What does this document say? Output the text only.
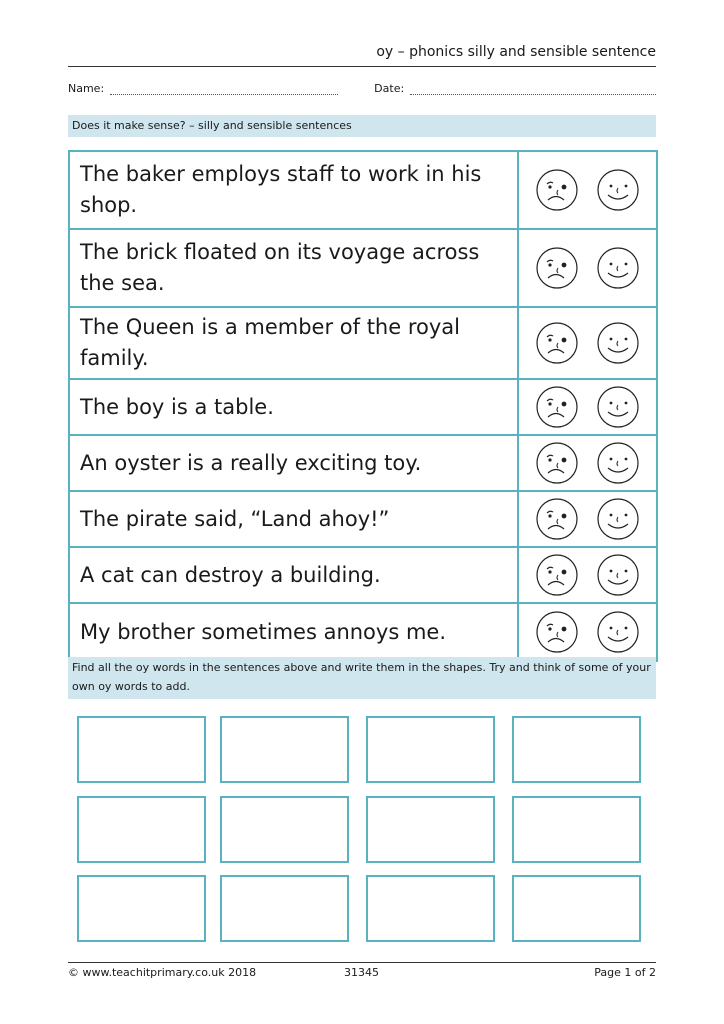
oy – phonics silly and sensible sentence
Name:	Date:
Does it make sense? – silly and sensible sentences
The baker employs staff to work in his shop.	

The brick floated on its voyage across the sea.	

The Queen is a member of the royal family.	

The boy is a table.	

An oyster is a really exciting toy.	

The pirate said, “Land ahoy!”	

A cat can destroy a building.	

My brother sometimes annoys me.	
Find all the oy words in the sentences above and write them in the shapes. Try and think of some of your own oy words to add.
© www.teachitprimary.co.uk 2018	31345	Page 1 of 2
